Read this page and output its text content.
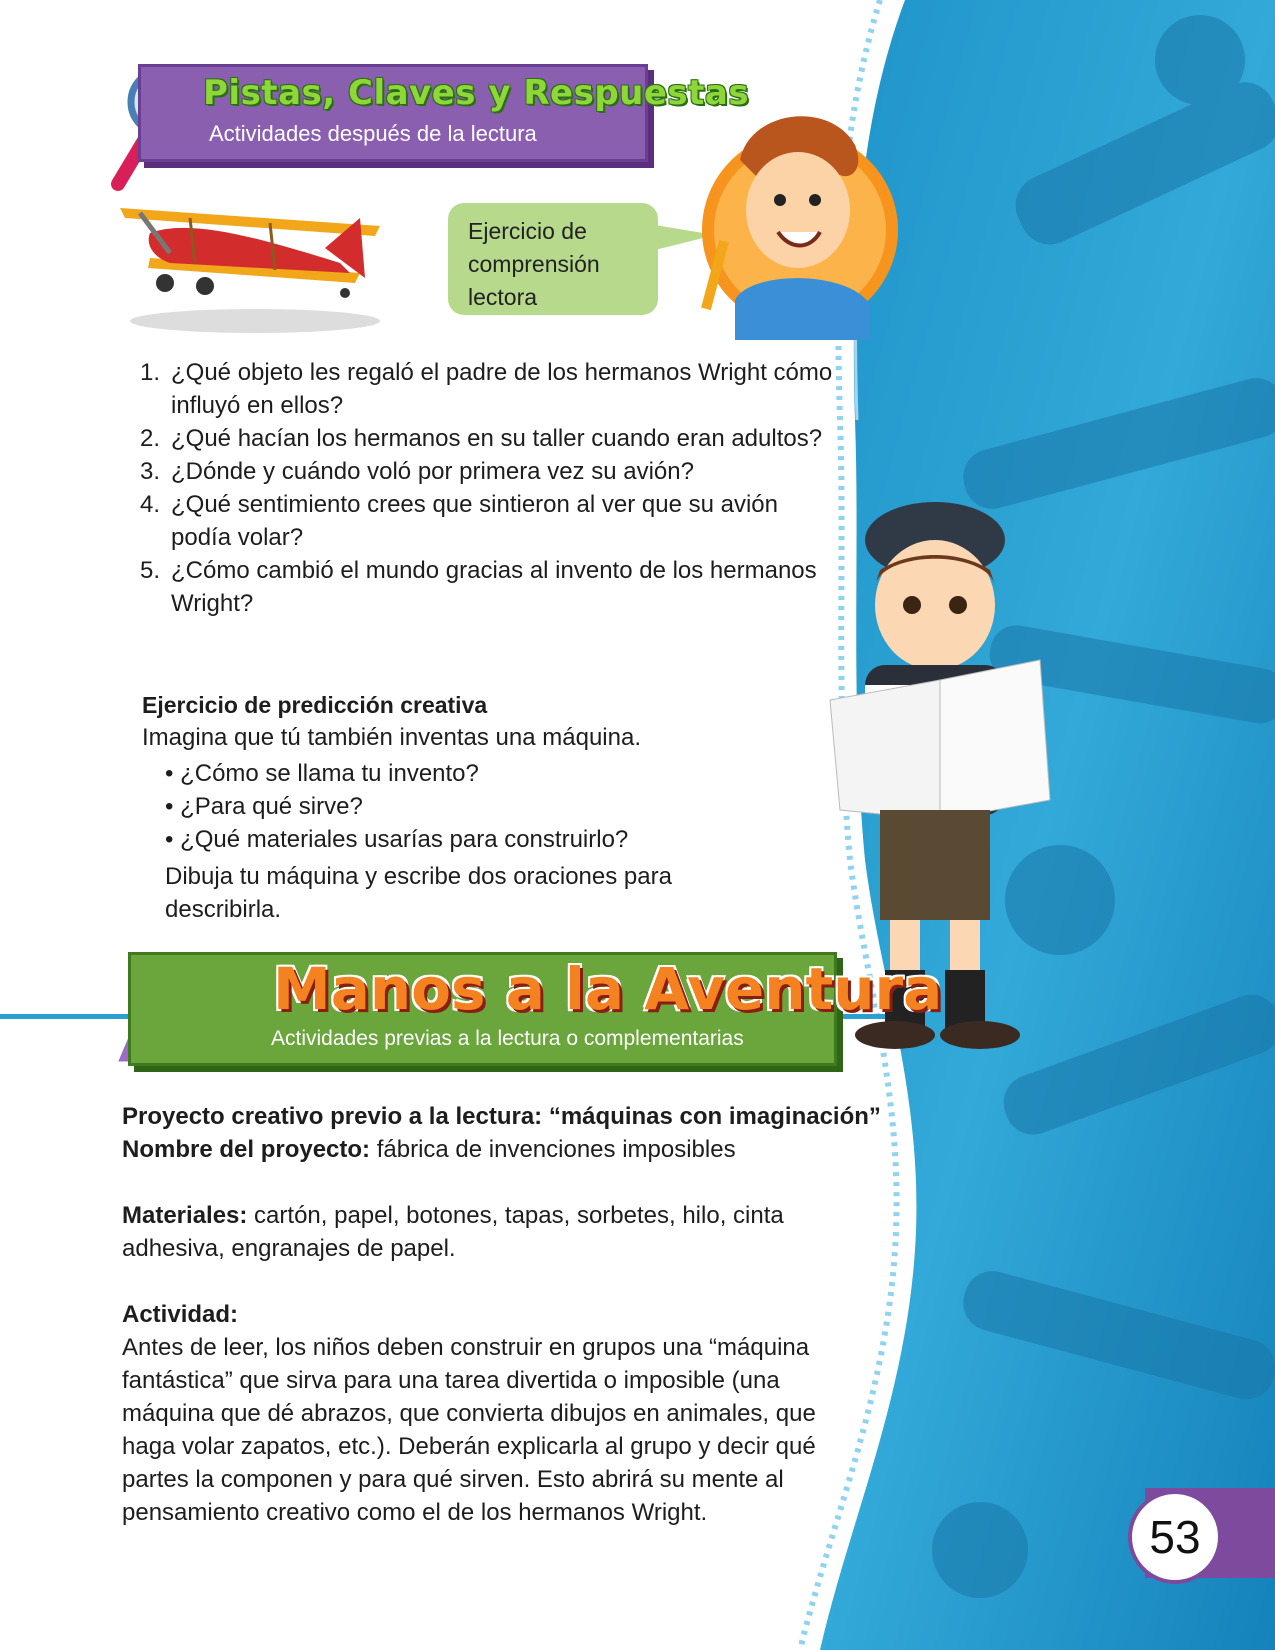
Pistas, Claves y Respuestas
Actividades después de la lectura
Ejercicio de comprensión lectora
1. ¿Qué objeto les regaló el padre de los hermanos Wright cómo influyó en ellos?
2. ¿Qué hacían los hermanos en su taller cuando eran adultos?
3. ¿Dónde y cuándo voló por primera vez su avión?
4. ¿Qué sentimiento crees que sintieron al ver que su avión podía volar?
5. ¿Cómo cambió el mundo gracias al invento de los hermanos Wright?
Ejercicio de predicción creativa
Imagina que tú también inventas una máquina.
• ¿Cómo se llama tu invento?
• ¿Para qué sirve?
• ¿Qué materiales usarías para construirlo?
Dibuja tu máquina y escribe dos oraciones para describirla.
Manos a la Aventura
Actividades previas a la lectura o complementarias

Proyecto creativo previo a la lectura: “máquinas con imaginación”

Nombre del proyecto: fábrica de invenciones imposibles

Materiales: cartón, papel, botones, tapas, sorbetes, hilo, cinta adhesiva, engranajes de papel.

Actividad:

Antes de leer, los niños deben construir en grupos una “máquina fantástica” que sirva para una tarea divertida o imposible (una máquina que dé abrazos, que convierta dibujos en animales, que haga volar zapatos, etc.). Deberán explicarla al grupo y decir qué partes la componen y para qué sirven. Esto abrirá su mente al pensamiento creativo como el de los hermanos Wright.	53
